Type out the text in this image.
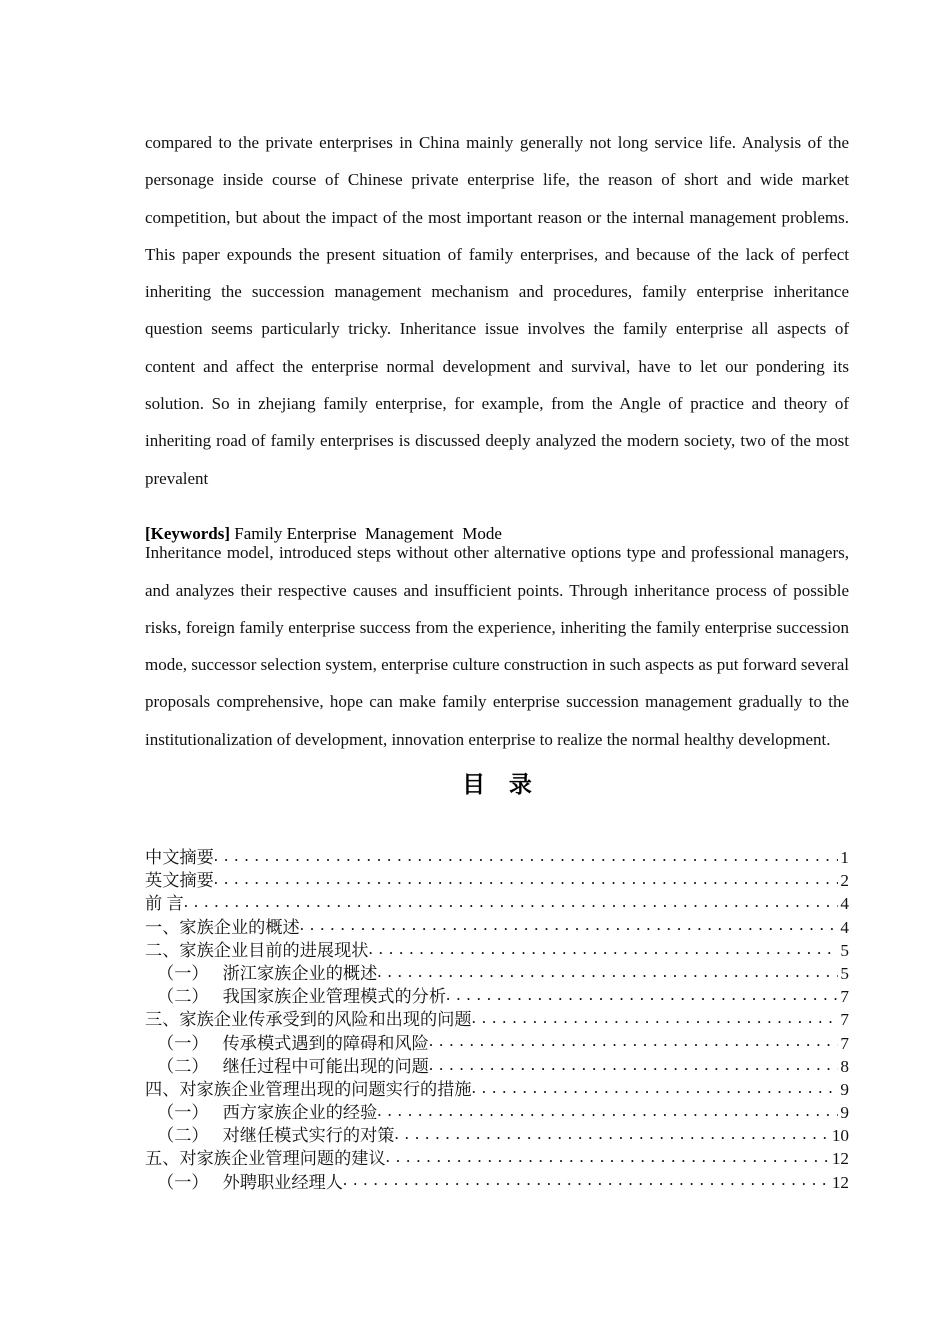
compared to the private enterprises in China mainly generally not long service life. Analysis of the personage inside course of Chinese private enterprise life, the reason of short and wide market competition, but about the impact of the most important reason or the internal management problems. This paper expounds the present situation of family enterprises, and because of the lack of perfect inheriting the succession management mechanism and procedures, family enterprise inheritance question seems particularly tricky. Inheritance issue involves the family enterprise all aspects of content and affect the enterprise normal development and survival, have to let our pondering its solution. So in zhejiang family enterprise, for example, from the Angle of practice and theory of inheriting road of family enterprises is discussed deeply analyzed the modern society, two of the most prevalent

Inheritance model, introduced steps without other alternative options type and professional managers, and analyzes their respective causes and insufficient points. Through inheritance process of possible risks, foreign family enterprise success from the experience, inheriting the family enterprise succession mode, successor selection system, enterprise culture construction in such aspects as put forward several proposals comprehensive, hope can make family enterprise succession management gradually to the institutionalization of development, innovation enterprise to realize the normal healthy development.

[Keywords] Family Enterprise  Management  Mode
目 录
中文摘要 . . .	1
英文摘要 . . .	2
前 言 . . .	4
一、家族企业的概述 . . .	4
二、家族企业目前的进展现状 . . .	5
（一） 浙江家族企业的概述 . . .	5
（二） 我国家族企业管理模式的分析 . . .	7
三、家族企业传承受到的风险和出现的问题 . . .	7
（一） 传承模式遇到的障碍和风险 . . .	7
（二） 继任过程中可能出现的问题 . . .	8
四、对家族企业管理出现的问题实行的措施 . . .	9
（一） 西方家族企业的经验 . . .	9
（二） 对继任模式实行的对策 . . .	10
五、对家族企业管理问题的建议 . . .	12
（一） 外聘职业经理人 . . .	12
